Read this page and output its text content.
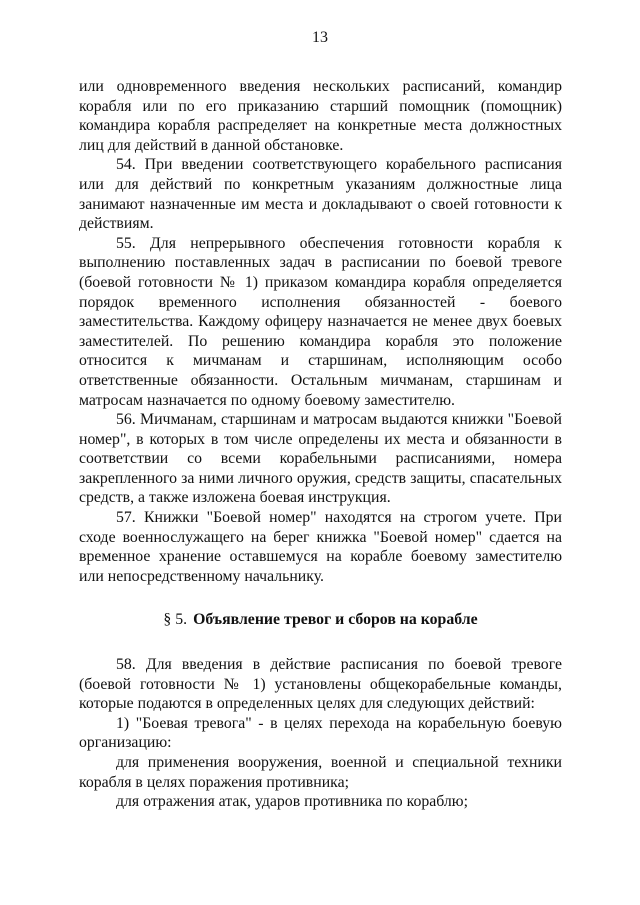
13

или одновременного введения нескольких расписаний, командир корабля или по его приказанию старший помощник (помощник) командира корабля распределяет на конкретные места должностных лиц для действий в данной обстановке.

54. При введении соответствующего корабельного расписания или для действий по конкретным указаниям должностные лица занимают назначенные им места и докладывают о своей готовности к действиям.

55. Для непрерывного обеспечения готовности корабля к выполнению поставленных задач в расписании по боевой тревоге (боевой готовности № 1) приказом командира корабля определяется порядок временного исполнения обязанностей - боевого заместительства. Каждому офицеру назначается не менее двух боевых заместителей. По решению командира корабля это положение относится к мичманам и старшинам, исполняющим особо ответственные обязанности. Остальным мичманам, старшинам и матросам назначается по одному боевому заместителю.

56. Мичманам, старшинам и матросам выдаются книжки "Боевой номер", в которых в том числе определены их места и обязанности в соответствии со всеми корабельными расписаниями, номера закрепленного за ними личного оружия, средств защиты, спасательных средств, а также изложена боевая инструкция.

57. Книжки "Боевой номер" находятся на строгом учете. При сходе военнослужащего на берег книжка "Боевой номер" сдается на временное хранение оставшемуся на корабле боевому заместителю или непосредственному начальнику.

§ 5. Объявление тревог и сборов на корабле

58. Для введения в действие расписания по боевой тревоге (боевой готовности № 1) установлены общекорабельные команды, которые подаются в определенных целях для следующих действий:

1) "Боевая тревога" - в целях перехода на корабельную боевую организацию:

для применения вооружения, военной и специальной техники корабля в целях поражения противника;

для отражения атак, ударов противника по кораблю;
